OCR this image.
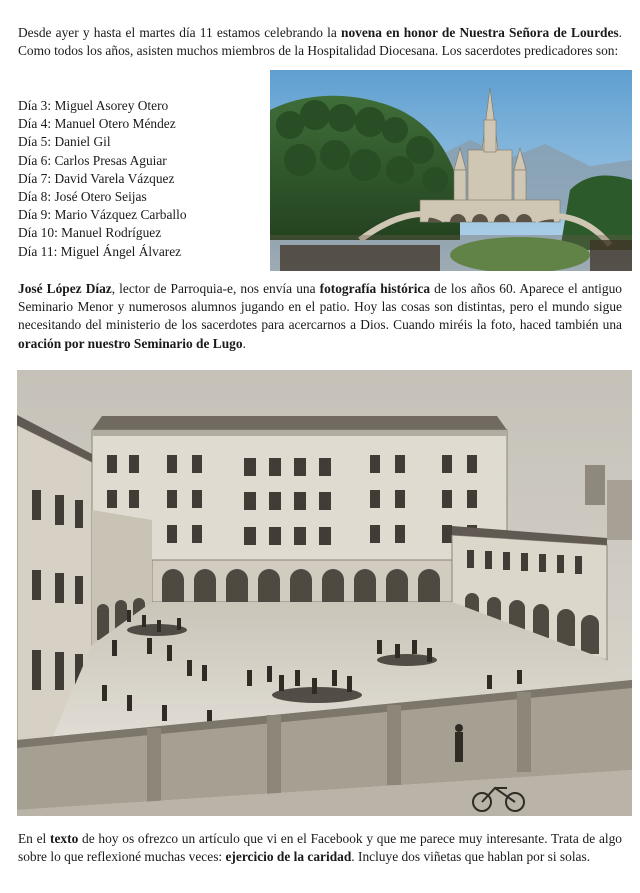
Desde ayer y hasta el martes día 11 estamos celebrando la novena en honor de Nuestra Señora de Lourdes. Como todos los años, asisten muchos miembros de la Hospitalidad Diocesana. Los sacerdotes predicadores son:

Día 3: Miguel Asorey Otero
Día 4: Manuel Otero Méndez
Día 5: Daniel Gil
Día 6: Carlos Presas Aguiar
Día 7: David Varela Vázquez
Día 8: José Otero Seijas
Día 9: Mario Vázquez Carballo
Día 10: Manuel Rodríguez
Día 11: Miguel Ángel Álvarez

José López Díaz, lector de Parroquia-e, nos envía una fotografía histórica de los años 60. Aparece el antiguo Seminario Menor y numerosos alumnos jugando en el patio. Hoy las cosas son distintas, pero el mundo sigue necesitando del ministerio de los sacerdotes para acercarnos a Dios. Cuando miréis la foto, haced también una oración por nuestro Seminario de Lugo.

En el texto de hoy os ofrezco un artículo que vi en el Facebook y que me parece muy interesante. Trata de algo sobre lo que reflexioné muchas veces: ejercicio de la caridad. Incluye dos viñetas que hablan por si solas.
